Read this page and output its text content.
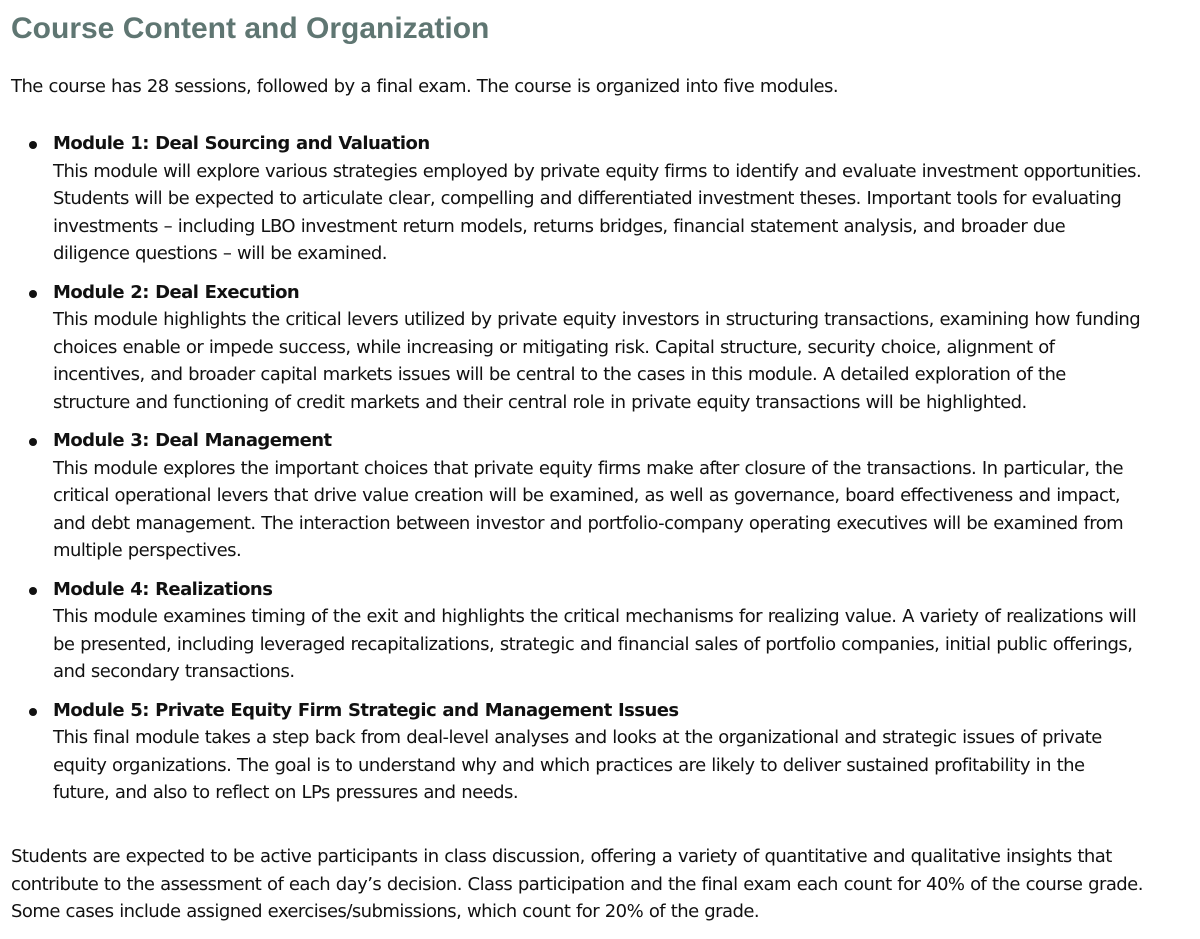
Course Content and Organization

The course has 28 sessions, followed by a final exam. The course is organized into five modules.

Module 1: Deal Sourcing and Valuation
This module will explore various strategies employed by private equity firms to identify and evaluate investment opportunities. Students will be expected to articulate clear, compelling and differentiated investment theses. Important tools for evaluating investments – including LBO investment return models, returns bridges, financial statement analysis, and broader due diligence questions – will be examined.
Module 2: Deal Execution
This module highlights the critical levers utilized by private equity investors in structuring transactions, examining how funding choices enable or impede success, while increasing or mitigating risk. Capital structure, security choice, alignment of incentives, and broader capital markets issues will be central to the cases in this module. A detailed exploration of the structure and functioning of credit markets and their central role in private equity transactions will be highlighted.
Module 3: Deal Management
This module explores the important choices that private equity firms make after closure of the transactions. In particular, the critical operational levers that drive value creation will be examined, as well as governance, board effectiveness and impact, and debt management. The interaction between investor and portfolio-company operating executives will be examined from multiple perspectives.
Module 4: Realizations
This module examines timing of the exit and highlights the critical mechanisms for realizing value. A variety of realizations will be presented, including leveraged recapitalizations, strategic and financial sales of portfolio companies, initial public offerings, and secondary transactions.
Module 5: Private Equity Firm Strategic and Management Issues
This final module takes a step back from deal-level analyses and looks at the organizational and strategic issues of private equity organizations. The goal is to understand why and which practices are likely to deliver sustained profitability in the future, and also to reflect on LPs pressures and needs.

Students are expected to be active participants in class discussion, offering a variety of quantitative and qualitative insights that contribute to the assessment of each day’s decision. Class participation and the final exam each count for 40% of the course grade. Some cases include assigned exercises/submissions, which count for 20% of the grade.
